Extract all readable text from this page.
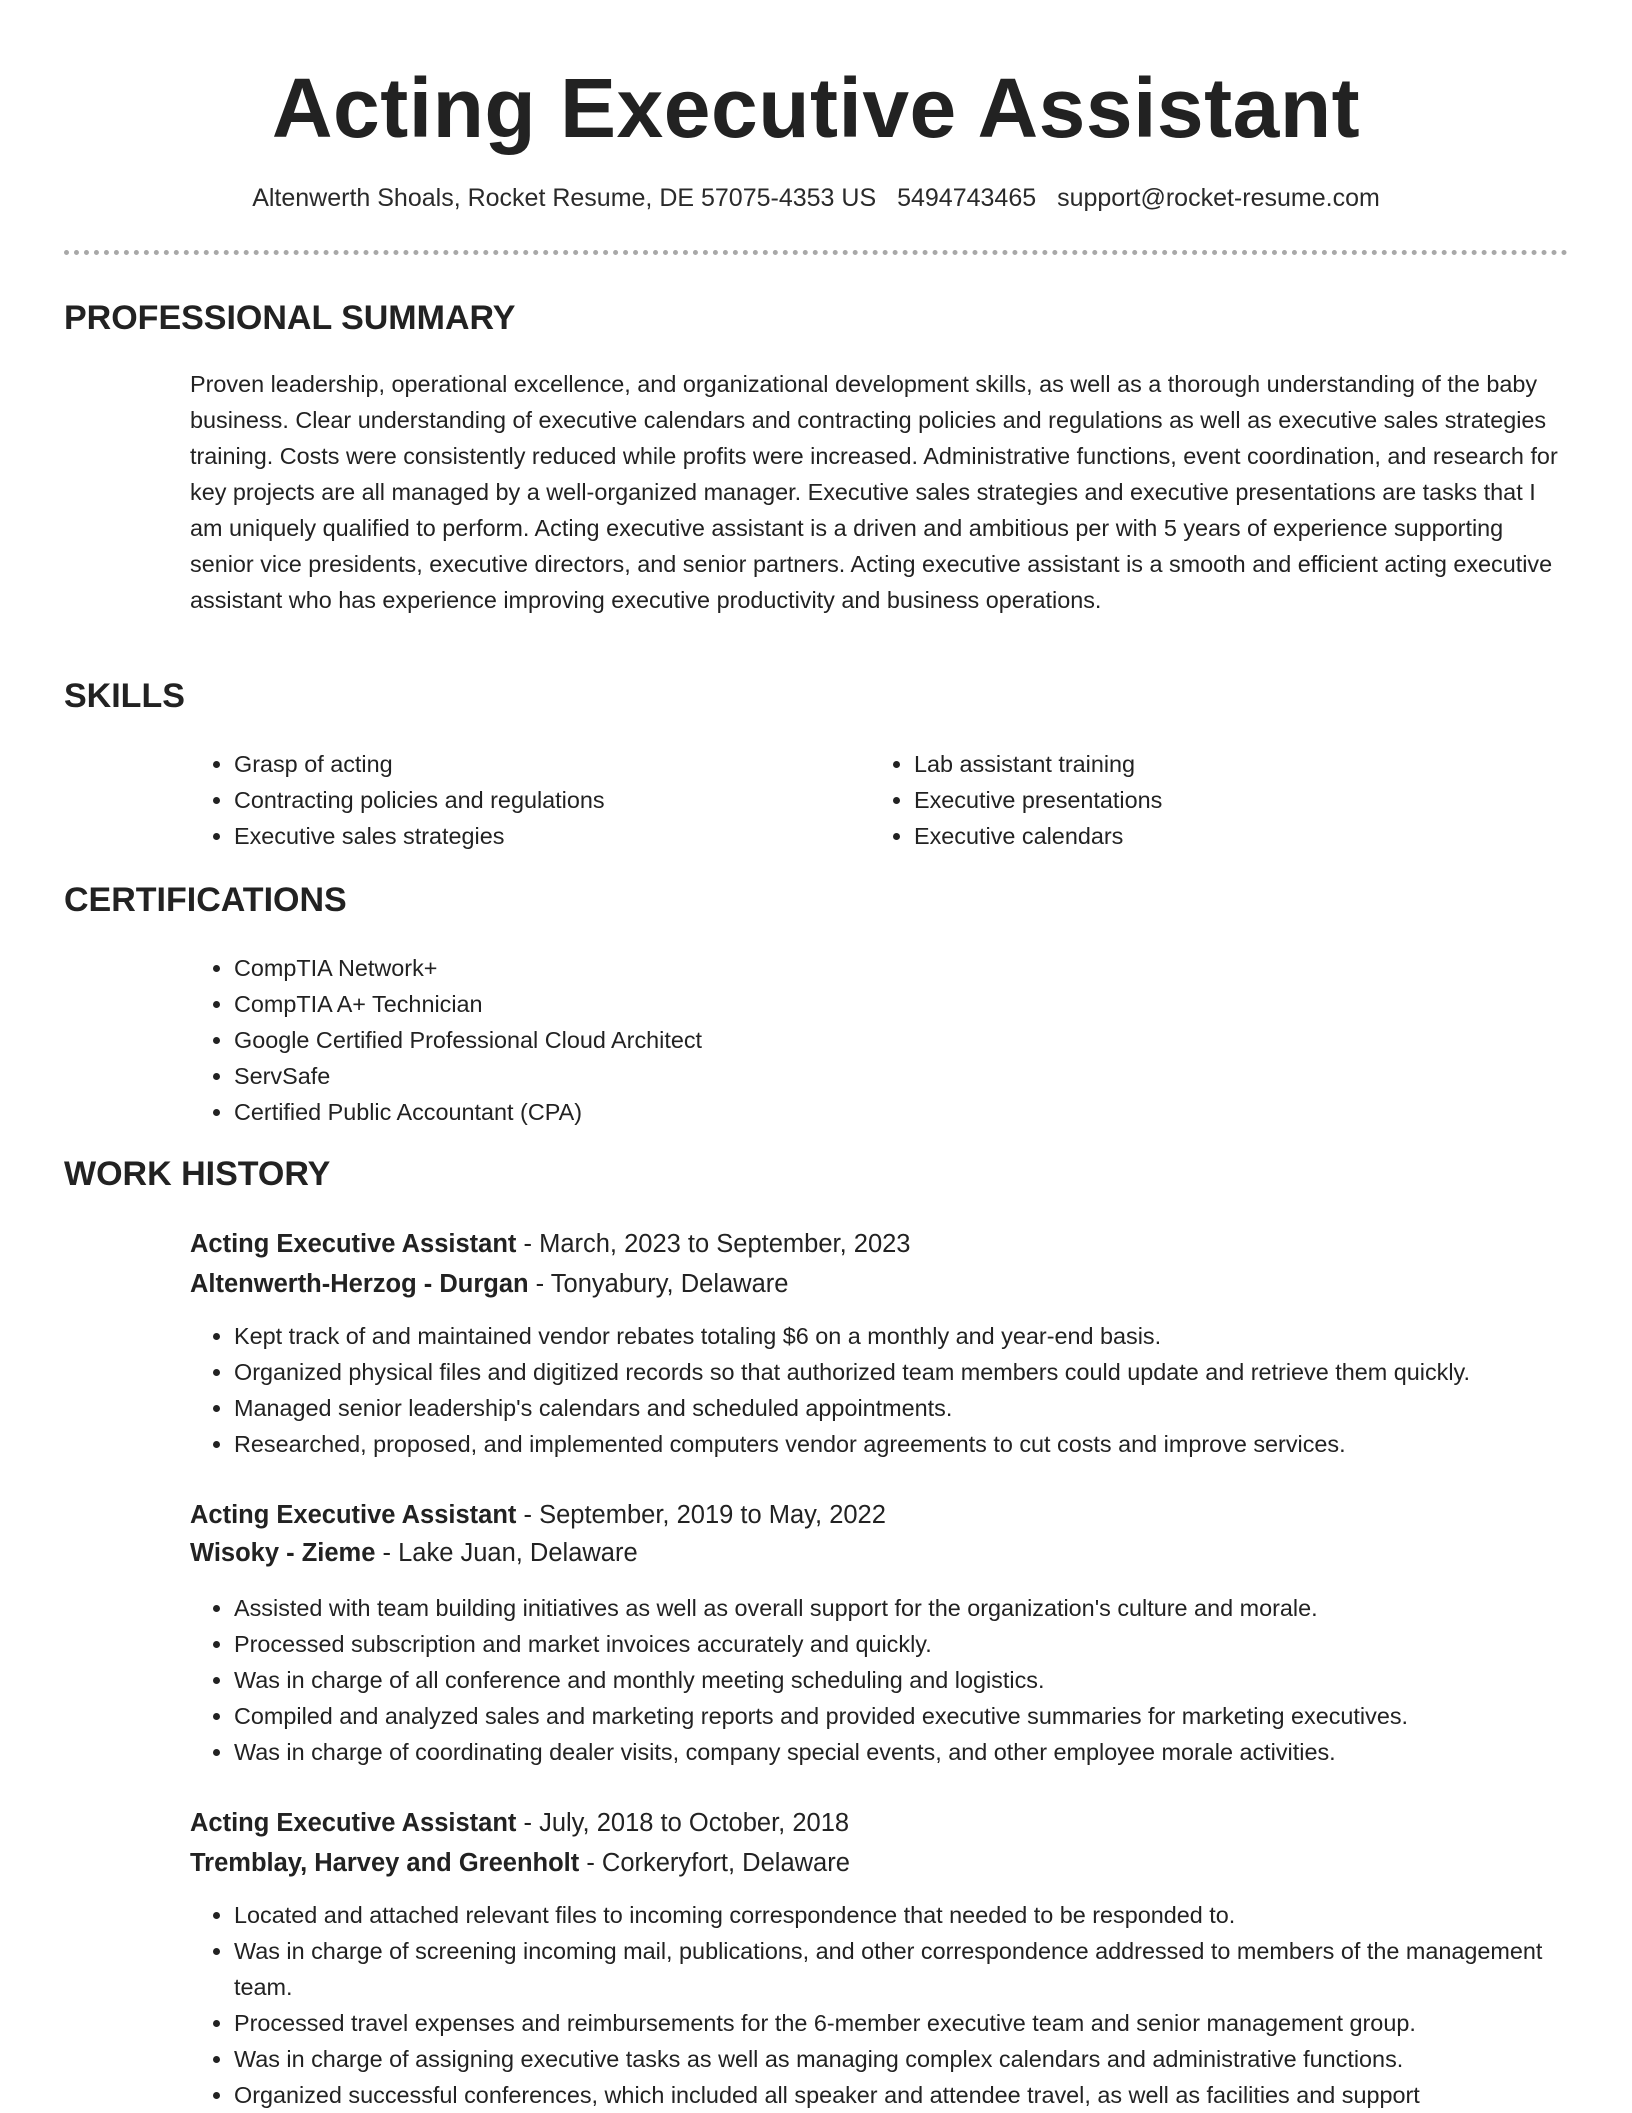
Acting Executive Assistant
Altenwerth Shoals, Rocket Resume, DE 57075-4353 US 5494743465 support@rocket-resume.com
PROFESSIONAL SUMMARY

Proven leadership, operational excellence, and organizational development skills, as well as a thorough understanding of the baby business. Clear understanding of executive calendars and contracting policies and regulations as well as executive sales strategies training. Costs were consistently reduced while profits were increased. Administrative functions, event coordination, and research for key projects are all managed by a well-organized manager. Executive sales strategies and executive presentations are tasks that I am uniquely qualified to perform. Acting executive assistant is a driven and ambitious per with 5 years of experience supporting senior vice presidents, executive directors, and senior partners. Acting executive assistant is a smooth and efficient acting executive assistant who has experience improving executive productivity and business operations.

SKILLS
• Grasp of acting
• Contracting policies and regulations
• Executive sales strategies
• Lab assistant training
• Executive presentations
• Executive calendars
CERTIFICATIONS
• CompTIA Network+
• CompTIA A+ Technician
• Google Certified Professional Cloud Architect
• ServSafe
• Certified Public Accountant (CPA)
WORK HISTORY

Acting Executive Assistant - March, 2023 to September, 2023

Altenwerth-Herzog - Durgan - Tonyabury, Delaware

• Kept track of and maintained vendor rebates totaling $6 on a monthly and year-end basis.
• Organized physical files and digitized records so that authorized team members could update and retrieve them quickly.
• Managed senior leadership's calendars and scheduled appointments.
• Researched, proposed, and implemented computers vendor agreements to cut costs and improve services.

Acting Executive Assistant - September, 2019 to May, 2022

Wisoky - Zieme - Lake Juan, Delaware

• Assisted with team building initiatives as well as overall support for the organization's culture and morale.
• Processed subscription and market invoices accurately and quickly.
• Was in charge of all conference and monthly meeting scheduling and logistics.
• Compiled and analyzed sales and marketing reports and provided executive summaries for marketing executives.
• Was in charge of coordinating dealer visits, company special events, and other employee morale activities.

Acting Executive Assistant - July, 2018 to October, 2018

Tremblay, Harvey and Greenholt - Corkeryfort, Delaware

• Located and attached relevant files to incoming correspondence that needed to be responded to.
• Was in charge of screening incoming mail, publications, and other correspondence addressed to members of the management team.
• Processed travel expenses and reimbursements for the 6-member executive team and senior management group.
• Was in charge of assigning executive tasks as well as managing complex calendars and administrative functions.
• Organized successful conferences, which included all speaker and attendee travel, as well as facilities and support
